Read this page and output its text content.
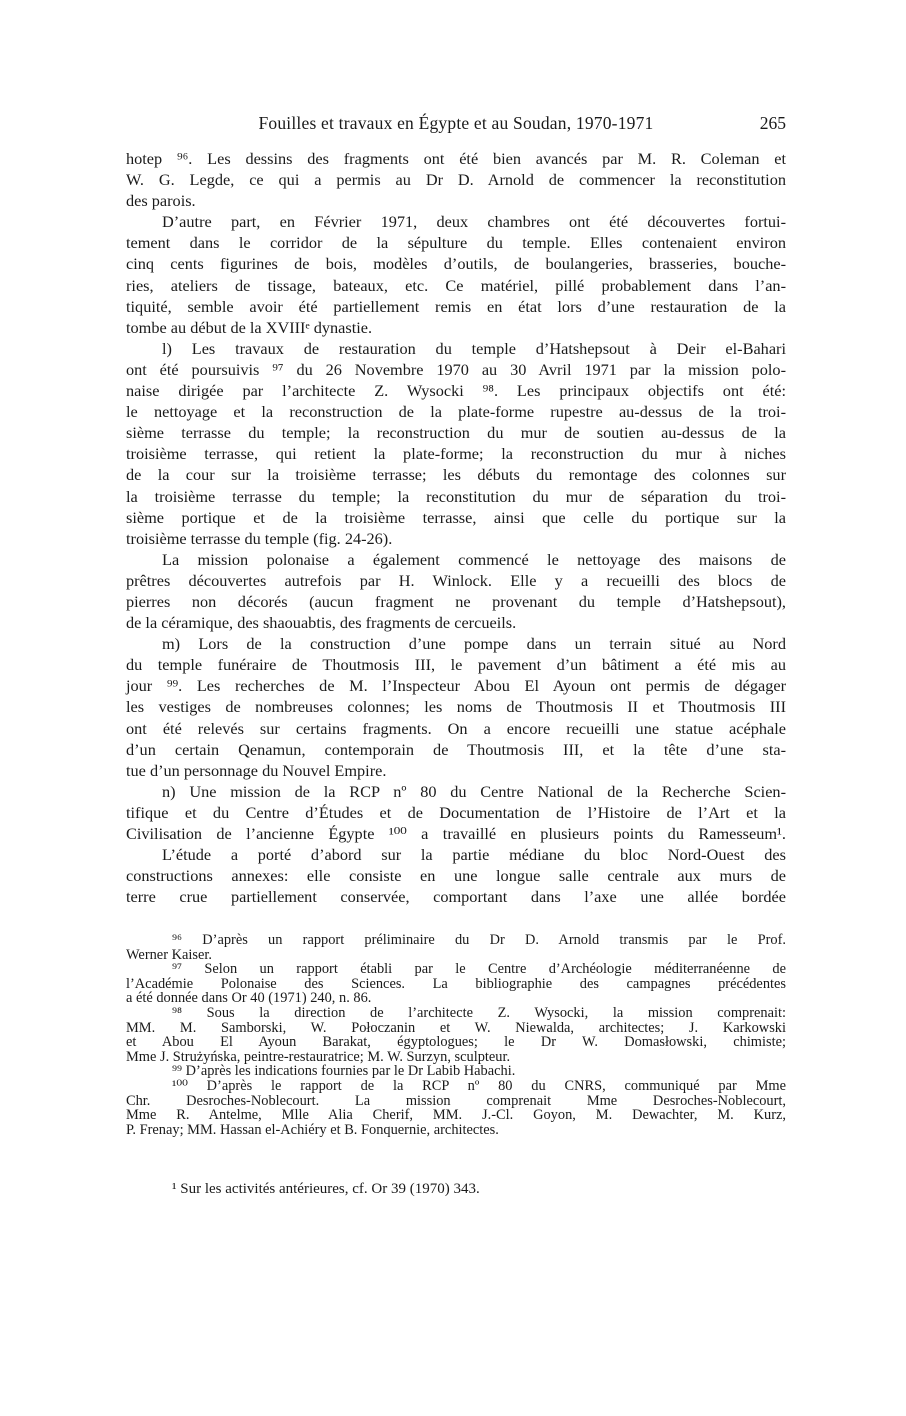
Fouilles et travaux en Égypte et au Soudan, 1970-1971	265
hotep ⁹⁶. Les dessins des fragments ont été bien avancés par M. R. Coleman et
W. G. Legde, ce qui a permis au Dr D. Arnold de commencer la reconstitution
des parois.
D’autre part, en Février 1971, deux chambres ont été découvertes fortui-
tement dans le corridor de la sépulture du temple. Elles contenaient environ
cinq cents figurines de bois, modèles d’outils, de boulangeries, brasseries, bouche-
ries, ateliers de tissage, bateaux, etc. Ce matériel, pillé probablement dans l’an-
tiquité, semble avoir été partiellement remis en état lors d’une restauration de la
tombe au début de la XVIIIᵉ dynastie.
l) Les travaux de restauration du temple d’Hatshepsout à Deir el-Bahari
ont été poursuivis ⁹⁷ du 26 Novembre 1970 au 30 Avril 1971 par la mission polo-
naise dirigée par l’architecte Z. Wysocki ⁹⁸. Les principaux objectifs ont été:
le nettoyage et la reconstruction de la plate-forme rupestre au-dessus de la troi-
sième terrasse du temple; la reconstruction du mur de soutien au-dessus de la
troisième terrasse, qui retient la plate-forme; la reconstruction du mur à niches
de la cour sur la troisième terrasse; les débuts du remontage des colonnes sur
la troisième terrasse du temple; la reconstitution du mur de séparation du troi-
sième portique et de la troisième terrasse, ainsi que celle du portique sur la
troisième terrasse du temple (fig. 24-26).
La mission polonaise a également commencé le nettoyage des maisons de
prêtres découvertes autrefois par H. Winlock. Elle y a recueilli des blocs de
pierres non décorés (aucun fragment ne provenant du temple d’Hatshepsout),
de la céramique, des shaouabtis, des fragments de cercueils.
m) Lors de la construction d’une pompe dans un terrain situé au Nord
du temple funéraire de Thoutmosis III, le pavement d’un bâtiment a été mis au
jour ⁹⁹. Les recherches de M. l’Inspecteur Abou El Ayoun ont permis de dégager
les vestiges de nombreuses colonnes; les noms de Thoutmosis II et Thoutmosis III
ont été relevés sur certains fragments. On a encore recueilli une statue acéphale
d’un certain Qenamun, contemporain de Thoutmosis III, et la tête d’une sta-
tue d’un personnage du Nouvel Empire.
n) Une mission de la RCP nº 80 du Centre National de la Recherche Scien-
tifique et du Centre d’Études et de Documentation de l’Histoire de l’Art et la
Civilisation de l’ancienne Égypte ¹⁰⁰ a travaillé en plusieurs points du Ramesseum¹.
L’étude a porté d’abord sur la partie médiane du bloc Nord-Ouest des
constructions annexes: elle consiste en une longue salle centrale aux murs de
terre crue partiellement conservée, comportant dans l’axe une allée bordée
⁹⁶ D’après un rapport préliminaire du Dr D. Arnold transmis par le Prof.
Werner Kaiser.
⁹⁷ Selon un rapport établi par le Centre d’Archéologie méditerranéenne de
l’Académie Polonaise des Sciences. La bibliographie des campagnes précédentes
a été donnée dans Or 40 (1971) 240, n. 86.
⁹⁸ Sous la direction de l’architecte Z. Wysocki, la mission comprenait:
MM. M. Samborski, W. Połoczanin et W. Niewalda, architectes; J. Karkowski
et Abou El Ayoun Barakat, égyptologues; le Dr W. Domasłowski, chimiste;
Mme J. Strużyńska, peintre-restauratrice; M. W. Surzyn, sculpteur.
⁹⁹ D’après les indications fournies par le Dr Labib Habachi.
¹⁰⁰ D’après le rapport de la RCP nº 80 du CNRS, communiqué par Mme
Chr. Desroches-Noblecourt. La mission comprenait Mme Desroches-Noblecourt,
Mme R. Antelme, Mlle Alia Cherif, MM. J.-Cl. Goyon, M. Dewachter, M. Kurz,
P. Frenay; MM. Hassan el-Achiéry et B. Fonquernie, architectes.
¹ Sur les activités antérieures, cf. Or 39 (1970) 343.
